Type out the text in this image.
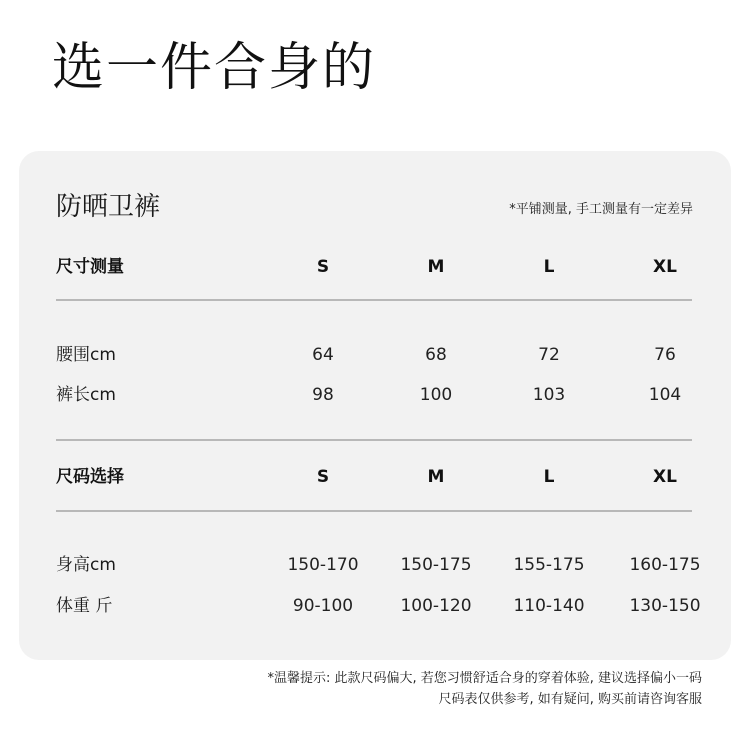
选一件合身的
防晒卫裤	*平铺测量, 手工测量有一定差异
尺寸测量	S	M	L	XL
腰围cm	64	68	72	76
裤长cm	98	100	103	104
尺码选择	S	M	L	XL
身高cm	150-170	150-175	155-175	160-175
体重 斤	90-100	100-120	110-140	130-150
*温馨提示: 此款尺码偏大, 若您习惯舒适合身的穿着体验, 建议选择偏小一码
尺码表仅供参考, 如有疑问, 购买前请咨询客服
